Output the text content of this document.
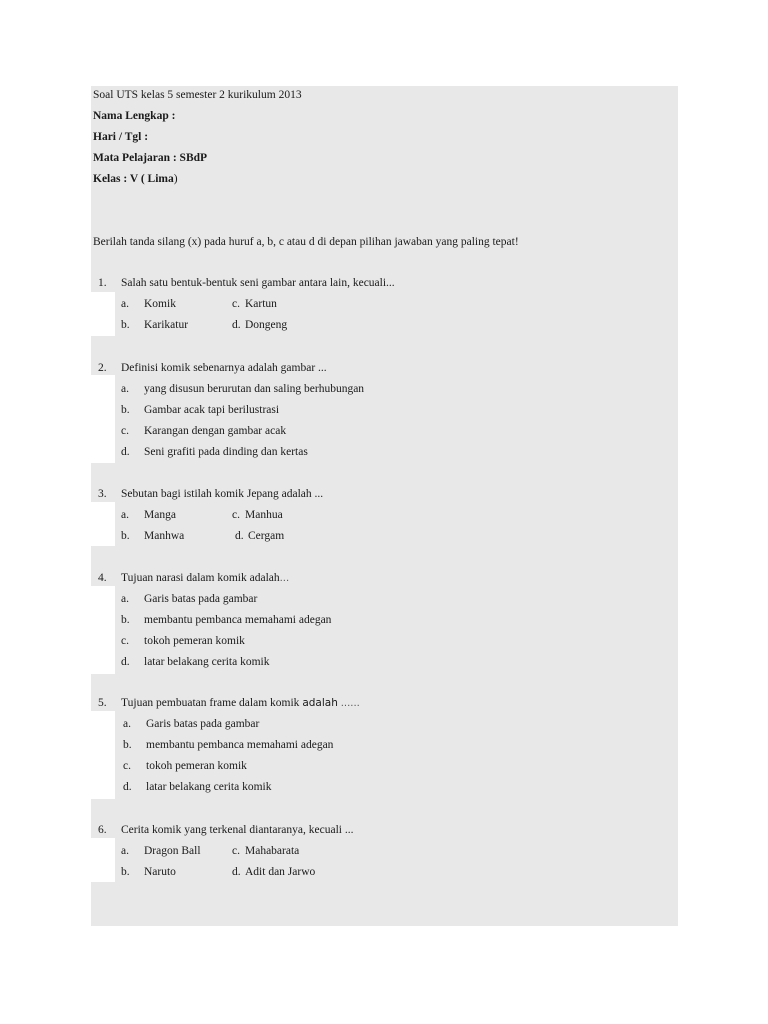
Soal UTS kelas 5 semester 2 kurikulum 2013
Nama Lengkap :
Hari / Tgl :
Mata Pelajaran : SBdP
Kelas : V ( Lima)
Berilah tanda silang (x) pada huruf a, b, c atau d di depan pilihan jawaban yang paling tepat!
1. Salah satu bentuk-bentuk seni gambar antara lain, kecuali...
a. Komik	c. Kartun
b. Karikatur	d. Dongeng
2. Definisi komik sebenarnya adalah gambar ...
a. yang disusun berurutan dan saling berhubungan
b. Gambar acak tapi berilustrasi
c. Karangan dengan gambar acak
d. Seni grafiti pada dinding dan kertas
3. Sebutan bagi istilah komik Jepang adalah ...
a. Manga	c. Manhua
b. Manhwa	d. Cergam
4. Tujuan narasi dalam komik adalah...
a. Garis batas pada gambar
b. membantu pembanca memahami adegan
c. tokoh pemeran komik
d. latar belakang cerita komik
5. Tujuan pembuatan frame dalam komik adalah ......
a. Garis batas pada gambar
b. membantu pembanca memahami adegan
c. tokoh pemeran komik
d. latar belakang cerita komik
6. Cerita komik yang terkenal diantaranya, kecuali ...
a. Dragon Ball	c. Mahabarata
b. Naruto	d. Adit dan Jarwo
